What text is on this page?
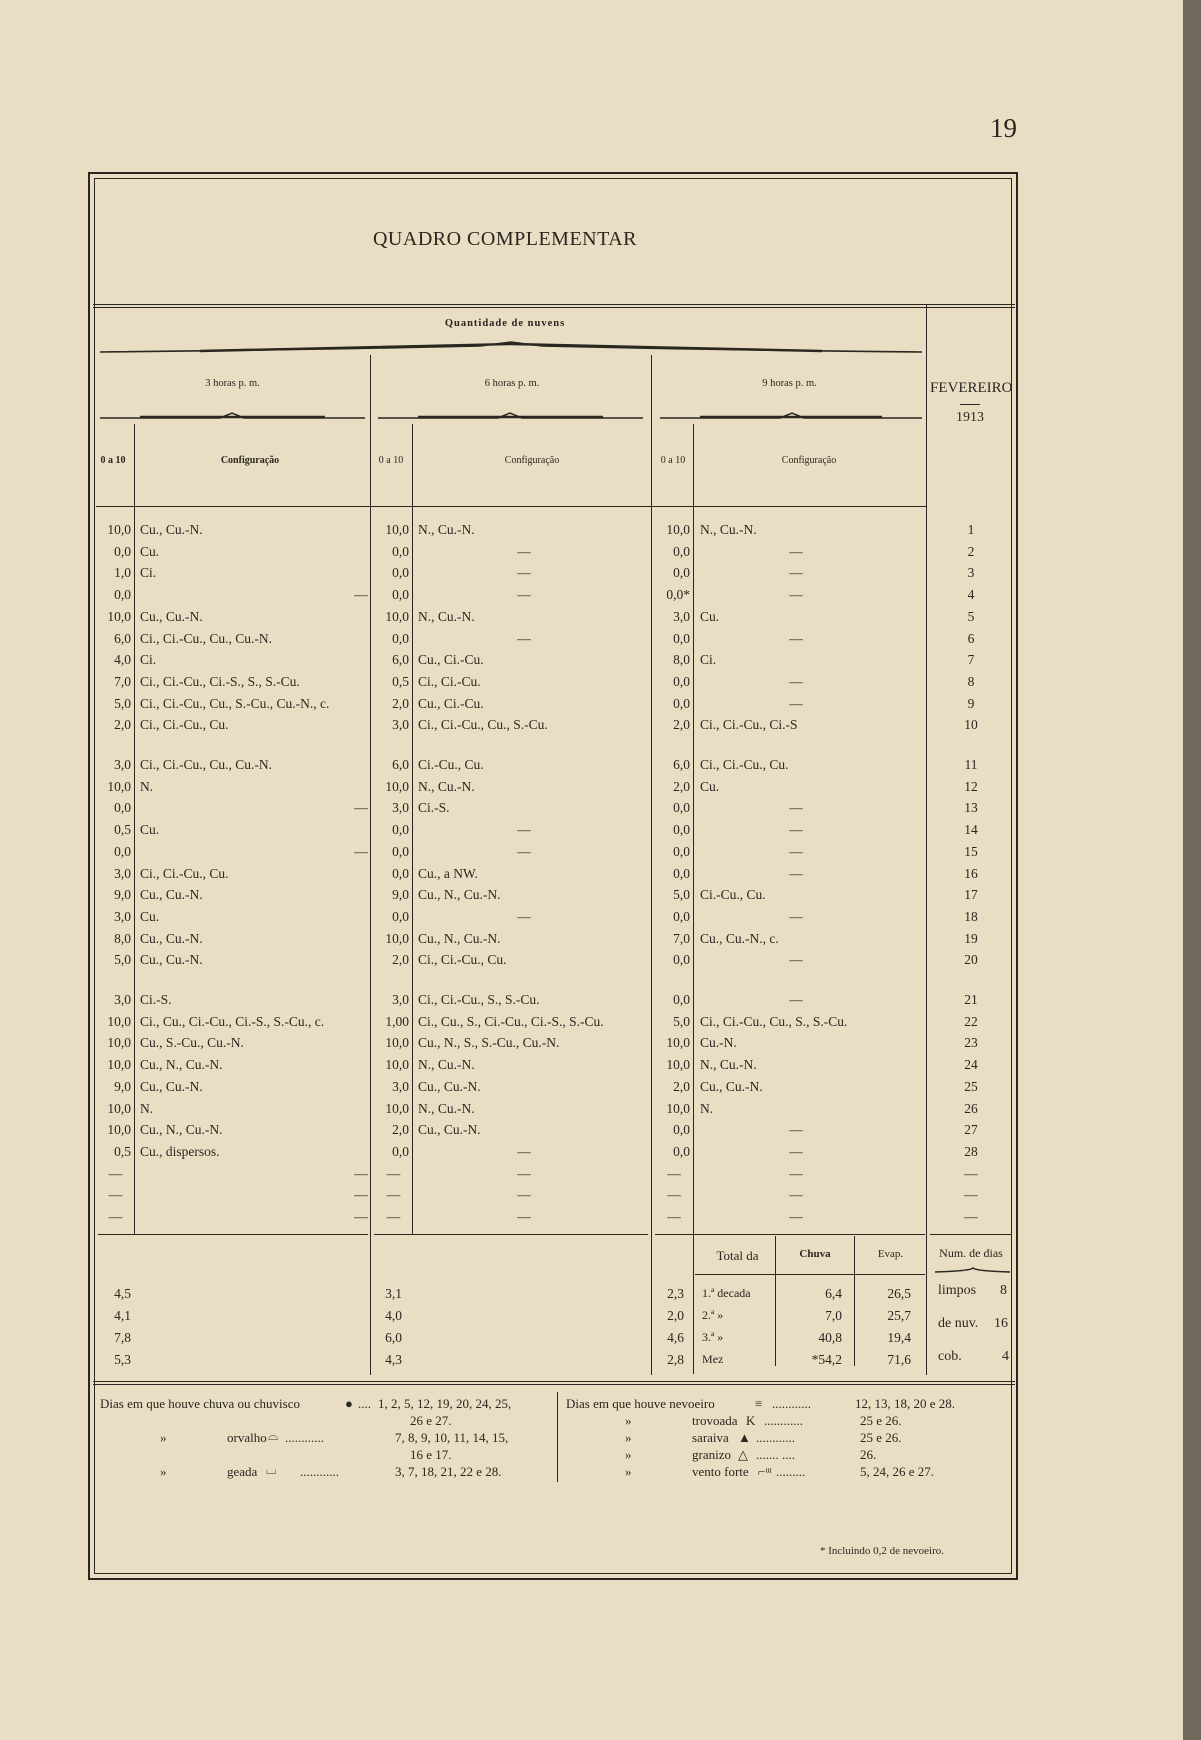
19
QUADRO COMPLEMENTAR
Quantidade de nuvens
3 horas p. m.	6 horas p. m.	9 horas p. m.	FEVEREIRO
1913
0 a 10	Configuração	0 a 10	Configuração	0 a 10	Configuração
10,0 Cu., Cu.-N.	10,0 N., Cu.-N.	10,0 N., Cu.-N.	1
0,0 Cu.	0,0	—	0,0	—	2
1,0 Ci.	0,0	—	0,0	—	3
0,0	—	0,0	—	0,0*	—	4
10,0 Cu., Cu.-N.	10,0 N., Cu.-N.	3,0 Cu.	5
6,0 Ci., Ci.-Cu., Cu., Cu.-N.	0,0	—	0,0	—	6
4,0 Ci.	6,0 Cu., Ci.-Cu.	8,0 Ci.	7
7,0 Ci., Ci.-Cu., Ci.-S., S., S.-Cu.	0,5 Ci., Ci.-Cu.	0,0	—	8
5,0 Ci., Ci.-Cu., Cu., S.-Cu., Cu.-N., c.	2,0 Cu., Ci.-Cu.	0,0	—	9
2,0 Ci., Ci.-Cu., Cu.	3,0 Ci., Ci.-Cu., Cu., S.-Cu.	2,0 Ci., Ci.-Cu., Ci.-S	10
3,0 Ci., Ci.-Cu., Cu., Cu.-N.	6,0 Ci.-Cu., Cu.	6,0 Ci., Ci.-Cu., Cu.	11
10,0 N.	10,0 N., Cu.-N.	2,0 Cu.	12
0,0	—	3,0 Ci.-S.	0,0	—	13
0,5 Cu.	0,0	—	0,0	—	14
0,0	—	0,0	—	0,0	—	15
3,0 Ci., Ci.-Cu., Cu.	0,0 Cu., a NW.	0,0	—	16
9,0 Cu., Cu.-N.	9,0 Cu., N., Cu.-N.	5,0 Ci.-Cu., Cu.	17
3,0 Cu.	0,0	—	0,0	—	18
8,0 Cu., Cu.-N.	10,0 Cu., N., Cu.-N.	7,0 Cu., Cu.-N., c.	19
5,0 Cu., Cu.-N.	2,0 Ci., Ci.-Cu., Cu.	0,0	—	20
3,0 Ci.-S.	3,0 Ci., Ci.-Cu., S., S.-Cu.	0,0	—	21
10,0 Ci., Cu., Ci.-Cu., Ci.-S., S.-Cu., c.	1,00 Ci., Cu., S., Ci.-Cu., Ci.-S., S.-Cu.	5,0 Ci., Ci.-Cu., Cu., S., S.-Cu.	22
10,0 Cu., S.-Cu., Cu.-N.	10,0 Cu., N., S., S.-Cu., Cu.-N.	10,0 Cu.-N.	23
10,0 Cu., N., Cu.-N.	10,0 N., Cu.-N.	10,0 N., Cu.-N.	24
9,0 Cu., Cu.-N.	3,0 Cu., Cu.-N.	2,0 Cu., Cu.-N.	25
10,0 N.	10,0 N., Cu.-N.	10,0 N.	26
10,0 Cu., N., Cu.-N.	2,0 Cu., Cu.-N.	0,0	—	27
0,5 Cu., dispersos.	0,0	—	0,0	—	28
—	—	—	—	—	—	—
—	—	—	—	—	—	—
—	—	—	—	—	—	—
Total da	Chuva	Evap.	Num. de dias
4,5	3,1	2,3 1.ª decada	6,4	26,5
4,1	4,0	2,0 2.ª »	7,0	25,7
7,8	6,0	4,6 3.ª »	40,8	19,4
5,3	4,3	2,8 Mez	*54,2	71,6
limpos 8
de nuv. 16
cob.	4
Dias em que houve chuva ou chuvisco	● .... 1, 2, 5, 12, 19, 20, 24, 25,
26 e 27.
»	orvalho ⌓ ............	7, 8, 9, 10, 11, 14, 15,
16 e 17.
»	geada ⌴ ............	3, 7, 18, 21, 22 e 28.
Dias em que houve nevoeiro	≡ ............	12, 13, 18, 20 e 28.
»	trovoada K ............	25 e 26.
»	saraiva ▲ ............	25 e 26.
»	granizo △ ....... ....	26.
»	vento forte ⌐ᵚ .........	5, 24, 26 e 27.
* Incluindo 0,2 de nevoeiro.
